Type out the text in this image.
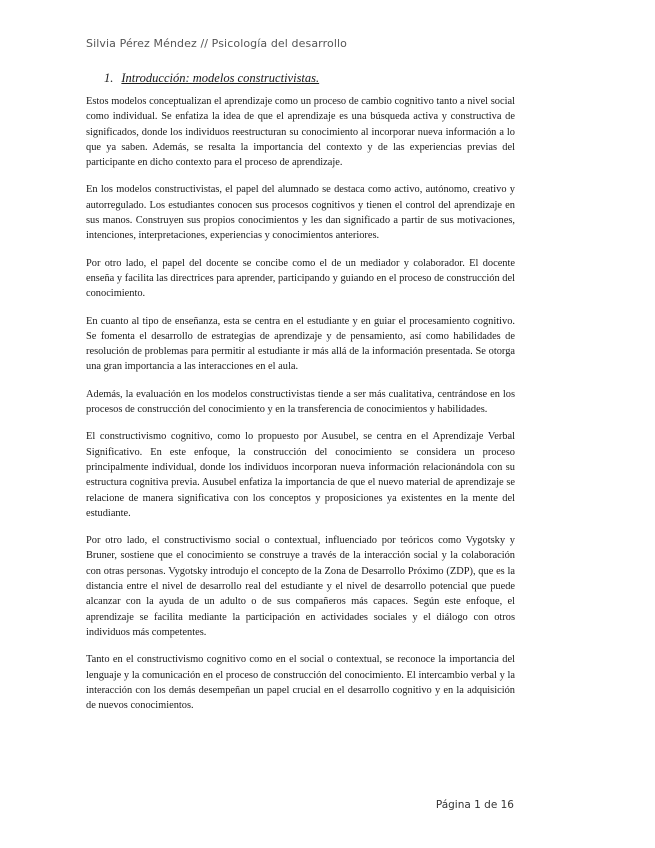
Silvia Pérez Méndez // Psicología del desarrollo
1. Introducción: modelos constructivistas.

Estos modelos conceptualizan el aprendizaje como un proceso de cambio cognitivo tanto a nivel social como individual. Se enfatiza la idea de que el aprendizaje es una búsqueda activa y constructiva de significados, donde los individuos reestructuran su conocimiento al incorporar nueva información a lo que ya saben. Además, se resalta la importancia del contexto y de las experiencias previas del participante en dicho contexto para el proceso de aprendizaje.

En los modelos constructivistas, el papel del alumnado se destaca como activo, autónomo, creativo y autorregulado. Los estudiantes conocen sus procesos cognitivos y tienen el control del aprendizaje en sus manos. Construyen sus propios conocimientos y les dan significado a partir de sus motivaciones, intenciones, interpretaciones, experiencias y conocimientos anteriores.

Por otro lado, el papel del docente se concibe como el de un mediador y colaborador. El docente enseña y facilita las directrices para aprender, participando y guiando en el proceso de construcción del conocimiento.

En cuanto al tipo de enseñanza, esta se centra en el estudiante y en guiar el procesamiento cognitivo. Se fomenta el desarrollo de estrategias de aprendizaje y de pensamiento, así como habilidades de resolución de problemas para permitir al estudiante ir más allá de la información presentada. Se otorga una gran importancia a las interacciones en el aula.

Además, la evaluación en los modelos constructivistas tiende a ser más cualitativa, centrándose en los procesos de construcción del conocimiento y en la transferencia de conocimientos y habilidades.

El constructivismo cognitivo, como lo propuesto por Ausubel, se centra en el Aprendizaje Verbal Significativo. En este enfoque, la construcción del conocimiento se considera un proceso principalmente individual, donde los individuos incorporan nueva información relacionándola con su estructura cognitiva previa. Ausubel enfatiza la importancia de que el nuevo material de aprendizaje se relacione de manera significativa con los conceptos y proposiciones ya existentes en la mente del estudiante.

Por otro lado, el constructivismo social o contextual, influenciado por teóricos como Vygotsky y Bruner, sostiene que el conocimiento se construye a través de la interacción social y la colaboración con otras personas. Vygotsky introdujo el concepto de la Zona de Desarrollo Próximo (ZDP), que es la distancia entre el nivel de desarrollo real del estudiante y el nivel de desarrollo potencial que puede alcanzar con la ayuda de un adulto o de sus compañeros más capaces. Según este enfoque, el aprendizaje se facilita mediante la participación en actividades sociales y el diálogo con otros individuos más competentes.

Tanto en el constructivismo cognitivo como en el social o contextual, se reconoce la importancia del lenguaje y la comunicación en el proceso de construcción del conocimiento. El intercambio verbal y la interacción con los demás desempeñan un papel crucial en el desarrollo cognitivo y en la adquisición de nuevos conocimientos.

Página 1 de 16
